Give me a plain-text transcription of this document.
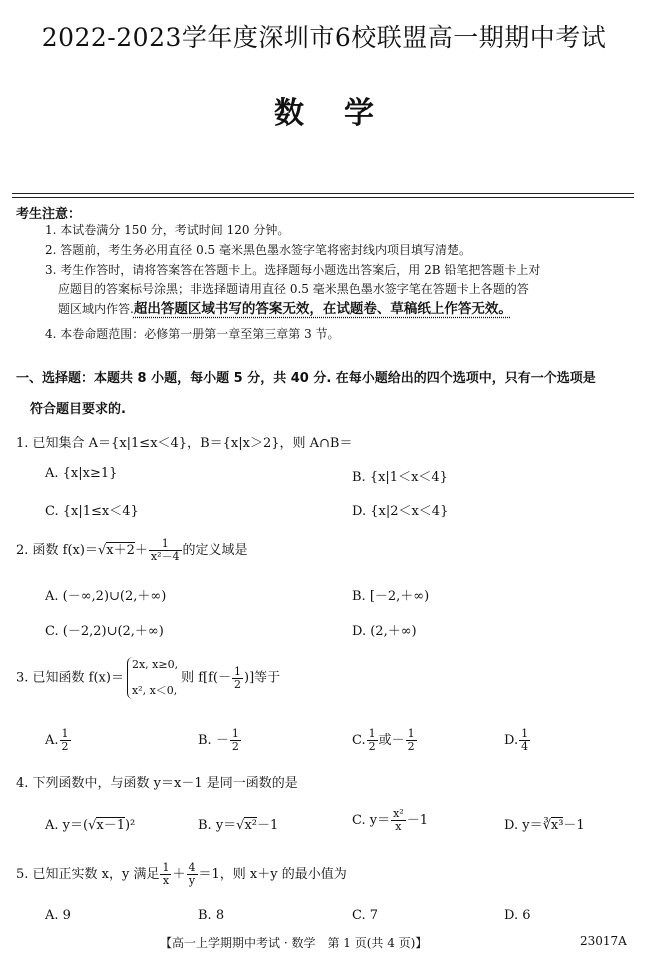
2022-2023学年度深圳市6校联盟高一期期中考试
数学
考生注意：
1. 本试卷满分 150 分，考试时间 120 分钟。
2. 答题前，考生务必用直径 0.5 毫米黑色墨水签字笔将密封线内项目填写清楚。
3. 考生作答时，请将答案答在答题卡上。选择题每小题选出答案后，用 2B 铅笔把答题卡上对
应题目的答案标号涂黑；非选择题请用直径 0.5 毫米黑色墨水签字笔在答题卡上各题的答
题区域内作答.超出答题区域书写的答案无效，在试题卷、草稿纸上作答无效。
4. 本卷命题范围：必修第一册第一章至第三章第 3 节。
一、选择题：本题共 8 小题，每小题 5 分，共 40 分. 在每小题给出的四个选项中，只有一个选项是
符合题目要求的.
1. 已知集合 A＝{x|1≤x＜4}，B＝{x|x＞2}，则 A∩B＝
A. {x|x≥1}	B. {x|1＜x＜4}
C. {x|1≤x＜4}	D. {x|2＜x＜4}
2. 函数 $f(x)=√x+2+ \frac{1}{\text{x²－4}}$ 的定义域是
A. (－∞,2)∪(2,＋∞)	B. [－2,＋∞)
C. (－2,2)∪(2,＋∞)	D. (2,＋∞)
3. 已知函数 f(x)＝
2x, x≥0,
x², x＜0,
则 $f[f(- \frac{1}{2}$ )]等于
A. $\frac{1}{2}$	B. － $\frac{1}{2}$	C. $\frac{1}{2}$ 或－ $\frac{1}{2}$	D. $\frac{1}{4}$
4. 下列函数中，与函数 y＝x－1 是同一函数的是
A. y＝(√x－1)²	B. y＝√x²－1	C. $y= \frac{\text{x²}}{x} -1$	D. y＝∛x³－1
5. 已知正实数 x，y 满足 $\frac{1}{x} + \frac{4}{y} =1$，则 x＋y 的最小值为
A. 9	B. 8	C. 7	D. 6
【高一上学期期中考试 · 数学　第 1 页(共 4 页)】	23017A
